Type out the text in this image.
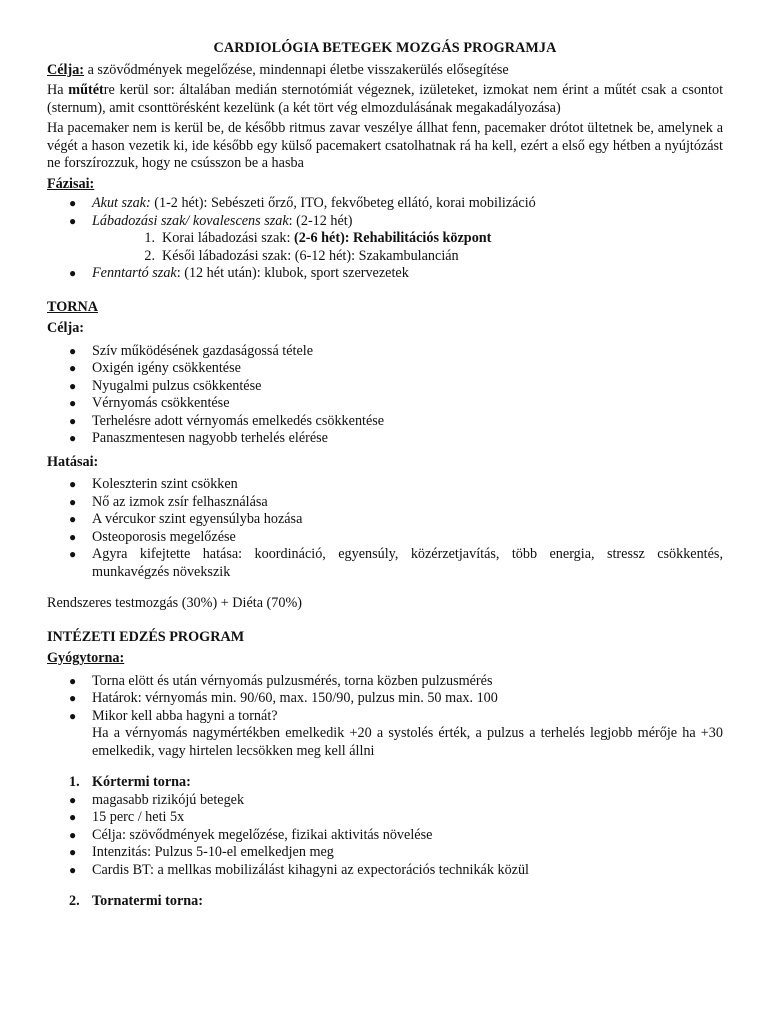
CARDIOLÓGIA BETEGEK MOZGÁS PROGRAMJA

Célja: a szövődmények megelőzése, mindennapi életbe visszakerülés elősegítése

Ha műtétre kerül sor: általában medián sternotómiát végeznek, izületeket, izmokat nem érint a műtét csak a csontot (sternum), amit csonttörésként kezelünk (a két tört vég elmozdulásának megakadályozása)

Ha pacemaker nem is kerül be, de később ritmus zavar veszélye állhat fenn, pacemaker drótot ültetnek be, amelynek a végét a hason vezetik ki, ide később egy külső pacemakert csatolhatnak rá ha kell, ezért a első egy hétben a nyújtózást ne forszírozzuk, hogy ne csússzon be a hasba

Fázisai:
● Akut szak: (1-2 hét): Sebészeti őrző, ITO, fekvőbeteg ellátó, korai mobilizáció
● Lábadozási szak/ kovalescens szak: (2-12 hét)
1. Korai lábadozási szak: (2-6 hét): Rehabilitációs központ
2. Késői lábadozási szak: (6-12 hét): Szakambulancián
● Fenntartó szak: (12 hét után): klubok, sport szervezetek
TORNA
Célja:
● Szív működésének gazdaságossá tétele
● Oxigén igény csökkentése
● Nyugalmi pulzus csökkentése
● Vérnyomás csökkentése
● Terhelésre adott vérnyomás emelkedés csökkentése
● Panaszmentesen nagyobb terhelés elérése
Hatásai:
● Koleszterin szint csökken
● Nő az izmok zsír felhasználása
● A vércukor szint egyensúlyba hozása
● Osteoporosis megelőzése
● Agyra kifejtette hatása: koordináció, egyensúly, közérzetjavítás, több energia, stressz csökkentés, munkavégzés növekszik
Rendszeres testmozgás (30%) + Diéta (70%)
INTÉZETI EDZÉS PROGRAM
Gyógytorna:
● Torna elött és után vérnyomás pulzusmérés, torna közben pulzusmérés
● Határok: vérnyomás min. 90/60, max. 150/90, pulzus min. 50 max. 100
● Mikor kell abba hagyni a tornát?
Ha a vérnyomás nagymértékben emelkedik +20 a systolés érték, a pulzus a terhelés legjobb mérője ha +30 emelkedik, vagy hirtelen lecsökken meg kell állni
1. Kórtermi torna:
● magasabb rizikójú betegek
● 15 perc / heti 5x
● Célja: szövődmények megelőzése, fizikai aktivitás növelése
● Intenzitás: Pulzus 5-10-el emelkedjen meg
● Cardis BT: a mellkas mobilizálást kihagyni az expectorációs technikák közül
2. Tornatermi torna:
